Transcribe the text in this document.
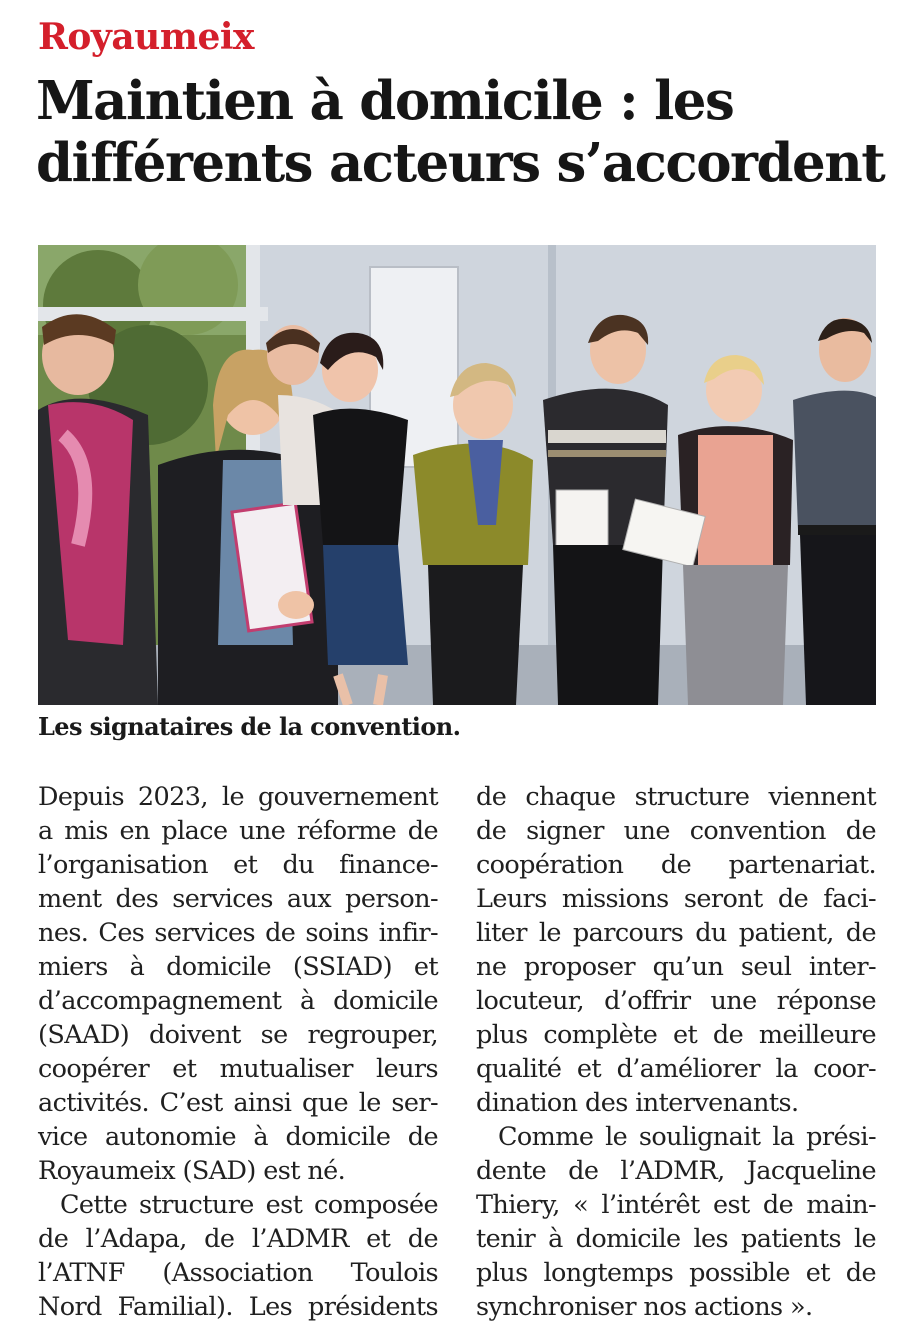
Royaumeix
Maintien à domicile : les
différents acteurs s’accordent
Les signataires de la convention.

Depuis 2023, le gouvernement
a mis en place une réforme de
l’organisation et du finance-
ment des services aux person-
nes. Ces services de soins infir-
miers à domicile (SSIAD) et
d’accompagnement à domicile
(SAAD) doivent se regrouper,
coopérer et mutualiser leurs
activités. C’est ainsi que le ser-
vice autonomie à domicile de
Royaumeix (SAD) est né.

Cette structure est composée
de l’Adapa, de l’ADMR et de
l’ATNF (Association Toulois
Nord Familial). Les présidents

de chaque structure viennent
de signer une convention de
coopération de partenariat.
Leurs missions seront de faci-
liter le parcours du patient, de
ne proposer qu’un seul inter-
locuteur, d’offrir une réponse
plus complète et de meilleure
qualité et d’améliorer la coor-
dination des intervenants.

Comme le soulignait la prési-
dente de l’ADMR, Jacqueline
Thiery, « l’intérêt est de main-
tenir à domicile les patients le
plus longtemps possible et de
synchroniser nos actions ».
